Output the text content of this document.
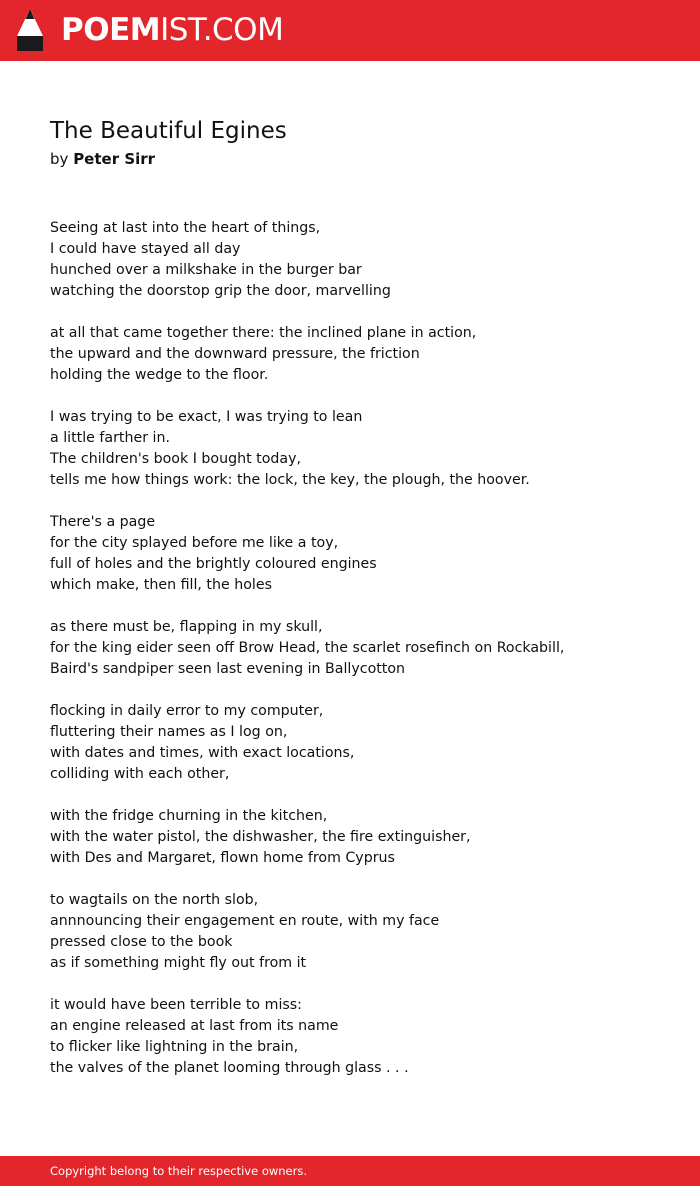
POEMIST.COM
The Beautiful Egines
by Peter Sirr
Seeing at last into the heart of things,
I could have stayed all day
hunched over a milkshake in the burger bar
watching the doorstop grip the door, marvelling
at all that came together there: the inclined plane in action,
the upward and the downward pressure, the friction
holding the wedge to the floor.
I was trying to be exact, I was trying to lean
a little farther in.
The children's book I bought today,
tells me how things work: the lock, the key, the plough, the hoover.
There's a page
for the city splayed before me like a toy,
full of holes and the brightly coloured engines
which make, then fill, the holes
as there must be, flapping in my skull,
for the king eider seen off Brow Head, the scarlet rosefinch on Rockabill,
Baird's sandpiper seen last evening in Ballycotton
flocking in daily error to my computer,
fluttering their names as I log on,
with dates and times, with exact locations,
colliding with each other,
with the fridge churning in the kitchen,
with the water pistol, the dishwasher, the fire extinguisher,
with Des and Margaret, flown home from Cyprus
to wagtails on the north slob,
annnouncing their engagement en route, with my face
pressed close to the book
as if something might fly out from it
it would have been terrible to miss:
an engine released at last from its name
to flicker like lightning in the brain,
the valves of the planet looming through glass . . .
Copyright belong to their respective owners.
